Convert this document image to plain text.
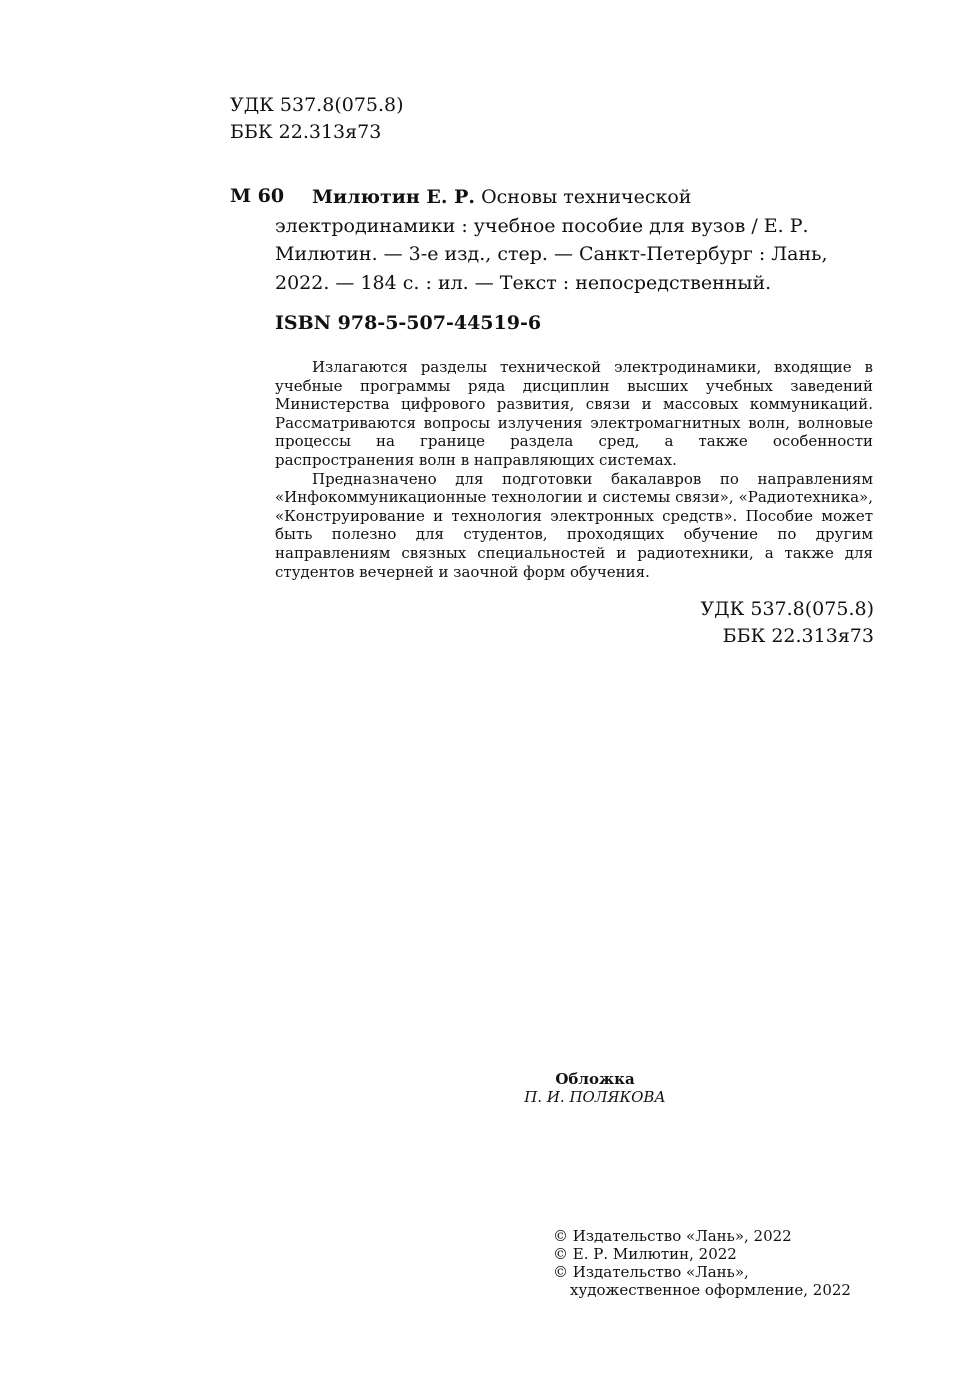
УДК 537.8(075.8)
ББК 22.313я73
М 60	Милютин Е. Р. Основы технической электродинамики : учебное пособие для вузов / Е. Р. Милютин. — 3-е изд., стер. — Санкт-Петербург : Лань, 2022. — 184 с. : ил. — Текст : непосредственный.
ISBN 978-5-507-44519-6

Излагаются разделы технической электродинамики, входящие в учебные программы ряда дисциплин высших учебных заведений Министерства цифрового развития, связи и массовых коммуникаций. Рассматриваются вопросы излучения электромагнитных волн, волновые процессы на границе раздела сред, а также особенности распространения волн в направляющих системах.

Предназначено для подготовки бакалавров по направлениям «Инфокоммуникационные технологии и системы связи», «Радиотехника», «Конструирование и технология электронных средств». Пособие может быть полезно для студентов, проходящих обучение по другим направлениям связных специальностей и радиотехники, а также для студентов вечерней и заочной форм обучения.

УДК 537.8(075.8)
ББК 22.313я73
Обложка
П. И. ПОЛЯКОВА
© Издательство «Лань», 2022
© Е. Р. Милютин, 2022
© Издательство «Лань»,
художественное оформление, 2022
